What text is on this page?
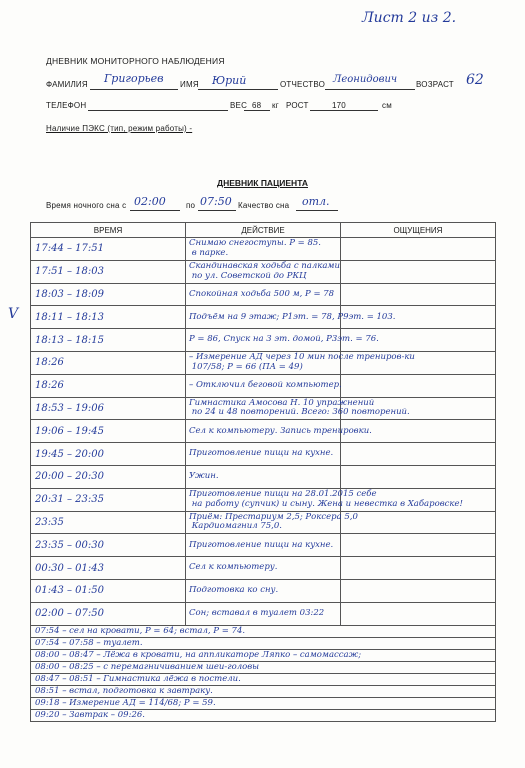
Лист 2 из 2.
ДНЕВНИК МОНИТОРНОГО НАБЛЮДЕНИЯ
ФАМИЛИЯ Григорьев ИМЯ Юрий	ОТЧЕСТВО Леонидович ВОЗРАСТ 62
ТЕЛЕФОН	ВЕС 68 кг РОСТ	170	см
Наличие ПЭКС (тип, режим работы) -
ДНЕВНИК ПАЦИЕНТА
Время ночного сна с 02:00	по 07:50 Качество сна отл.
V
ВРЕМЯ	ДЕЙСТВИЕ	ОЩУЩЕНИЯ

17:44 – 17:51	Снимаю снегоступы. Р = 85.
в парке.	

17:51 – 18:03	Скандинавская ходьба с палками
по ул. Советской до РКЦ	

18:03 – 18:09	Спокойная ходьба 500 м, Р = 78	

18:11 – 18:13	Подъём на 9 этаж; Р1эт. = 78, Р9эт. = 103.	

18:13 – 18:15	Р = 86, Спуск на 3 эт. домой, Р3эт. = 76.	

18:26	– Измерение АД через 10 мин после трениров-ки
107/58; Р = 66 (ПА = 49)	

18:26	– Отключил беговой компьютер.	

18:53 – 19:06	Гимнастика Амосова Н. 10 упражнений
по 24 и 48 повторений. Всего: 360 повторений.	

19:06 – 19:45	Сел к компьютеру. Запись тренировки.	

19:45 – 20:00	Приготовление пищи на кухне.	

20:00 – 20:30	Ужин.	

20:31 – 23:35	Приготовление пищи на 28.01.2015 себе
на работу (супчик) и сыну. Жена и невестка в Хабаровске!	

23:35	Приём: Престариум 2,5; Роксера 5,0
Кардиомагнил 75,0.	

23:35 – 00:30	Приготовление пищи на кухне.	

00:30 – 01:43	Сел к компьютеру.	

01:43 – 01:50	Подготовка ко сну.	

02:00 – 07:50	Сон; вставал в туалет 03:22	

07:54 – сел на кровати, Р = 64; встал, Р = 74.		

07:54 – 07:58 – туалет.		

08:00 – 08:47 – Лёжа в кровати, на аппликаторе Ляпко – самомассаж;		

08:00 – 08:25 – с перемагничиванием шеи-головы		

08:47 – 08:51 – Гимнастика лёжа в постели.		

08:51 – встал, подготовка к завтраку.		

09:18 – Измерение АД = 114/68; Р = 59.		

09:20 – Завтрак – 09:26.		
